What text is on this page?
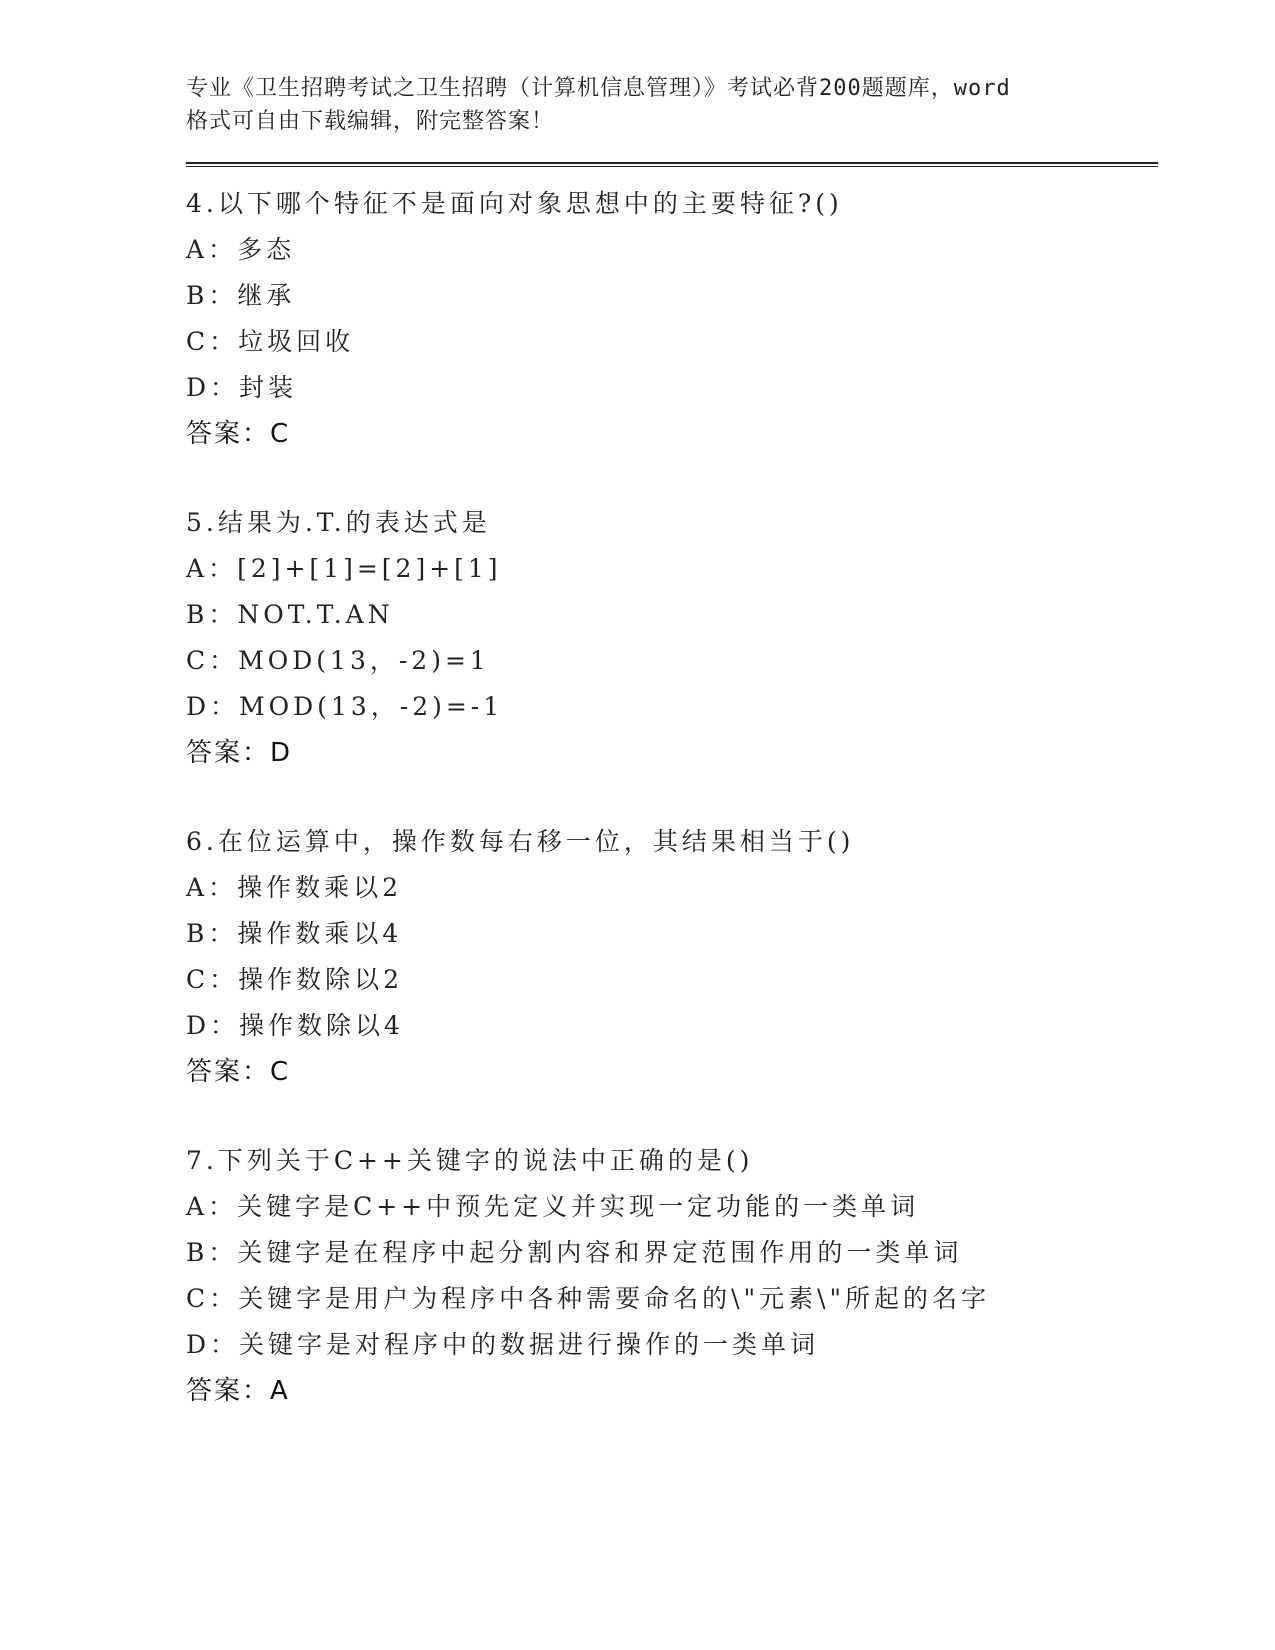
专业《卫生招聘考试之卫生招聘（计算机信息管理）》考试必背200题题库，word
格式可自由下载编辑，附完整答案！
4.以下哪个特征不是面向对象思想中的主要特征?()
A：多态
B：继承
C：垃圾回收
D：封装
答案：C
5.结果为.T.的表达式是
A：[2]+[1]=[2]+[1]
B：NOT.T.AN
C：MOD(13，-2)=1
D：MOD(13，-2)=-1
答案：D
6.在位运算中，操作数每右移一位，其结果相当于()
A：操作数乘以2
B：操作数乘以4
C：操作数除以2
D：操作数除以4
答案：C
7.下列关于C++关键字的说法中正确的是()
A：关键字是C++中预先定义并实现一定功能的一类单词
B：关键字是在程序中起分割内容和界定范围作用的一类单词
C：关键字是用户为程序中各种需要命名的\"元素\"所起的名字
D：关键字是对程序中的数据进行操作的一类单词
答案：A
